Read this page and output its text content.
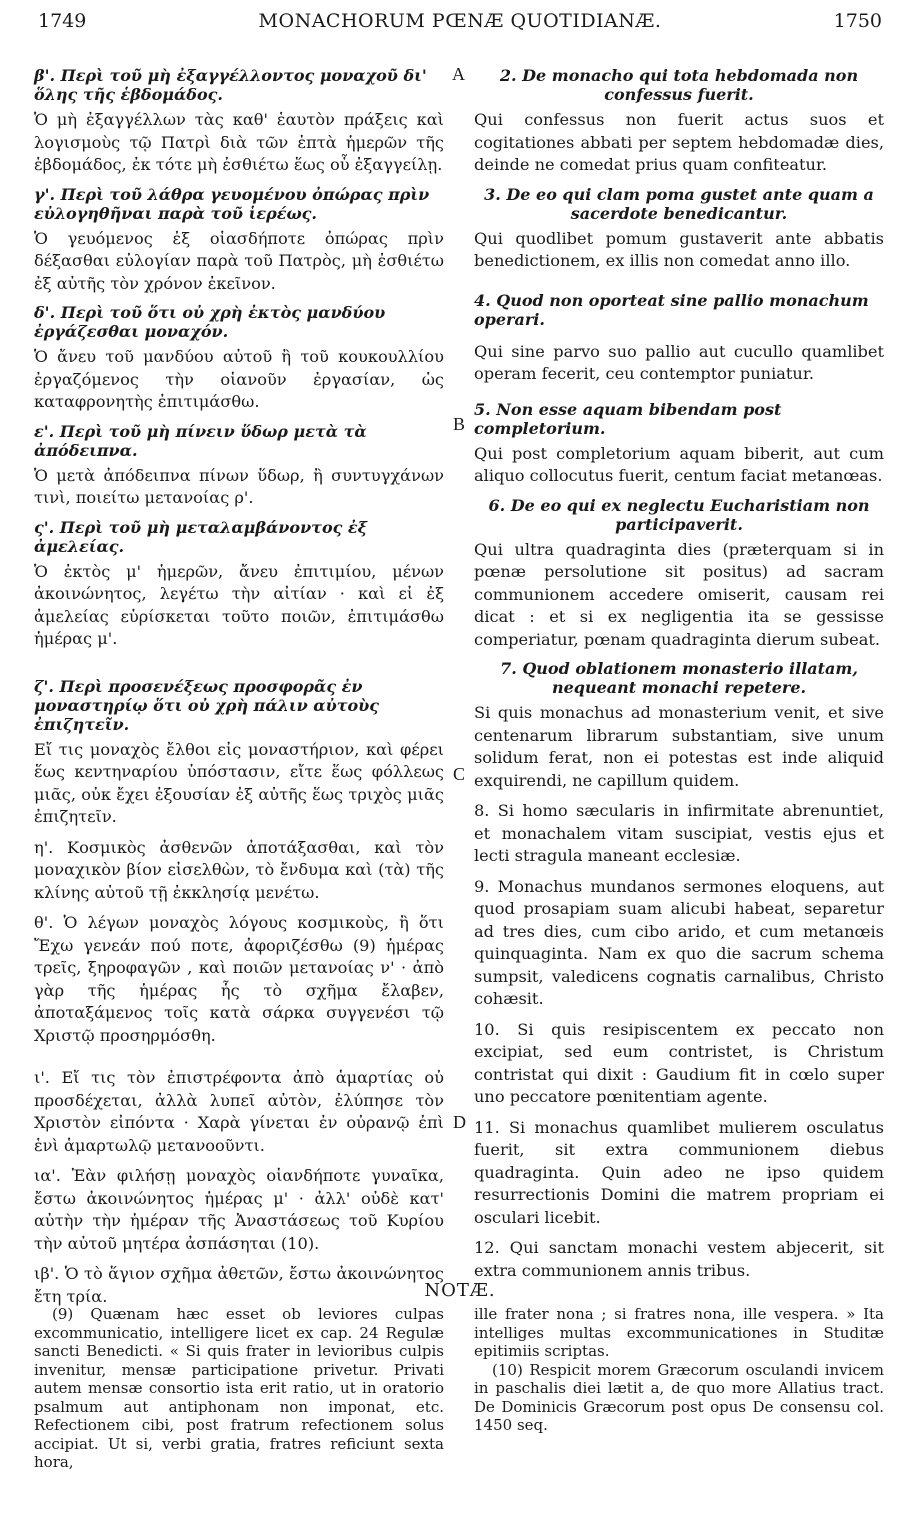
MONACHORUM PŒNÆ QUOTIDIANÆ.
1749	1750
A
B
C
D

β'. Περὶ τοῦ μὴ ἐξαγγέλλοντος μοναχοῦ δι' ὅλης τῆς ἑβδομάδος.

Ὁ μὴ ἐξαγγέλλων τὰς καθ' ἑαυτὸν πράξεις καὶ λογισμοὺς τῷ Πατρὶ διὰ τῶν ἑπτὰ ἡμερῶν τῆς ἑβδομάδος, ἐκ τότε μὴ ἐσθιέτω ἕως οὗ ἐξαγγείλῃ.

γ'. Περὶ τοῦ λάθρα γευομένου ὀπώρας πρὶν εὐλογηθῆναι παρὰ τοῦ ἱερέως.

Ὁ γευόμενος ἐξ οἱασδήποτε ὀπώρας πρὶν δέξασθαι εὐλογίαν παρὰ τοῦ Πατρὸς, μὴ ἐσθιέτω ἐξ αὐτῆς τὸν χρόνον ἐκεῖνον.

δ'. Περὶ τοῦ ὅτι οὐ χρὴ ἐκτὸς μανδύου ἐργάζεσθαι μοναχόν.

Ὁ ἄνευ τοῦ μανδύου αὐτοῦ ἢ τοῦ κουκουλλίου ἐργαζόμενος τὴν οἱανοῦν ἐργασίαν, ὡς καταφρονητὴς ἐπιτιμάσθω.

ε'. Περὶ τοῦ μὴ πίνειν ὕδωρ μετὰ τὰ ἀπόδειπνα.

Ὁ μετὰ ἀπόδειπνα πίνων ὕδωρ, ἢ συντυγχάνων τινὶ, ποιείτω μετανοίας ρ'.

ς'. Περὶ τοῦ μὴ μεταλαμβάνοντος ἐξ ἀμελείας.

Ὁ ἐκτὸς μ' ἡμερῶν, ἄνευ ἐπιτιμίου, μένων ἀκοινώνητος, λεγέτω τὴν αἰτίαν · καὶ εἰ ἐξ ἀμελείας εὑρίσκεται τοῦτο ποιῶν, ἐπιτιμάσθω ἡμέρας μ'.

ζ'. Περὶ προσενέξεως προσφορᾶς ἐν μοναστηρίῳ ὅτι οὐ χρὴ πάλιν αὐτοὺς ἐπιζητεῖν.

Εἴ τις μοναχὸς ἔλθοι εἰς μοναστήριον, καὶ φέρει ἕως κεντηναρίου ὑπόστασιν, εἴτε ἕως φόλλεως μιᾶς, οὐκ ἔχει ἐξουσίαν ἐξ αὐτῆς ἕως τριχὸς μιᾶς ἐπιζητεῖν.

η'. Κοσμικὸς ἀσθενῶν ἀποτάξασθαι, καὶ τὸν μοναχικὸν βίον εἰσελθὼν, τὸ ἔνδυμα καὶ (τὰ) τῆς κλίνης αὐτοῦ τῇ ἐκκλησίᾳ μενέτω.

θ'. Ὁ λέγων μοναχὸς λόγους κοσμικοὺς, ἢ ὅτι Ἔχω γενεάν πού ποτε, ἀφοριζέσθω (9) ἡμέρας τρεῖς, ξηροφαγῶν , καὶ ποιῶν μετανοίας ν' · ἀπὸ γὰρ τῆς ἡμέρας ἧς τὸ σχῆμα ἔλαβεν, ἀποταξάμενος τοῖς κατὰ σάρκα συγγενέσι τῷ Χριστῷ προσηρμόσθη.

ι'. Εἴ τις τὸν ἐπιστρέφοντα ἀπὸ ἁμαρτίας οὐ προσδέχεται, ἀλλὰ λυπεῖ αὐτὸν, ἐλύπησε τὸν Χριστὸν εἰπόντα · Χαρὰ γίνεται ἐν οὐρανῷ ἐπὶ ἑνὶ ἁμαρτωλῷ μετανοοῦντι.

ια'. Ἐὰν φιλήσῃ μοναχὸς οἱανδήποτε γυναῖκα, ἔστω ἀκοινώνητος ἡμέρας μ' · ἀλλ' οὐδὲ κατ' αὐτὴν τὴν ἡμέραν τῆς Ἀναστάσεως τοῦ Κυρίου τὴν αὐτοῦ μητέρα ἀσπάσηται (10).

ιβ'. Ὁ τὸ ἅγιον σχῆμα ἀθετῶν, ἔστω ἀκοινώνητος ἔτη τρία.

2. De monacho qui tota hebdomada non confessus fuerit.

Qui confessus non fuerit actus suos et cogitationes abbati per septem hebdomadæ dies, deinde ne comedat prius quam confiteatur.

3. De eo qui clam poma gustet ante quam a sacerdote benedicantur.

Qui quodlibet pomum gustaverit ante abbatis benedictionem, ex illis non comedat anno illo.

4. Quod non oporteat sine pallio monachum operari.

Qui sine parvo suo pallio aut cucullo quamlibet operam fecerit, ceu contemptor puniatur.

5. Non esse aquam bibendam post completorium.

Qui post completorium aquam biberit, aut cum aliquo collocutus fuerit, centum faciat metanœas.

6. De eo qui ex neglectu Eucharistiam non participaverit.

Qui ultra quadraginta dies (præterquam si in pœnæ persolutione sit positus) ad sacram communionem accedere omiserit, causam rei dicat : et si ex negligentia ita se gessisse comperiatur, pœnam quadraginta dierum subeat.

7. Quod oblationem monasterio illatam, nequeant monachi repetere.

Si quis monachus ad monasterium venit, et sive centenarum librarum substantiam, sive unum solidum ferat, non ei potestas est inde aliquid exquirendi, ne capillum quidem.

8. Si homo sæcularis in infirmitate abrenuntiet, et monachalem vitam suscipiat, vestis ejus et lecti stragula maneant ecclesiæ.

9. Monachus mundanos sermones eloquens, aut quod prosapiam suam alicubi habeat, separetur ad tres dies, cum cibo arido, et cum metanœis quinquaginta. Nam ex quo die sacrum schema sumpsit, valedicens cognatis carnalibus, Christo cohæsit.

10. Si quis resipiscentem ex peccato non excipiat, sed eum contristet, is Christum contristat qui dixit : Gaudium fit in cœlo super uno peccatore pœnitentiam agente.

11. Si monachus quamlibet mulierem osculatus fuerit, sit extra communionem diebus quadraginta. Quin adeo ne ipso quidem resurrectionis Domini die matrem propriam ei osculari licebit.

12. Qui sanctam monachi vestem abjecerit, sit extra communionem annis tribus.

NOTÆ.

(9) Quænam hæc esset ob leviores culpas excommunicatio, intelligere licet ex cap. 24 Regulæ sancti Benedicti. « Si quis frater in levioribus culpis invenitur, mensæ participatione privetur. Privati autem mensæ consortio ista erit ratio, ut in oratorio psalmum aut antiphonam non imponat, etc. Refectionem cibi, post fratrum refectionem solus accipiat. Ut si, verbi gratia, fratres reficiunt sexta hora,

ille frater nona ; si fratres nona, ille vespera. » Ita intelliges multas excommunicationes in Studitæ epitimiis scriptas.

(10) Respicit morem Græcorum osculandi invicem in paschalis diei lætit a, de quo more Allatius tract. De Dominicis Græcorum post opus De consensu col. 1450 seq.
